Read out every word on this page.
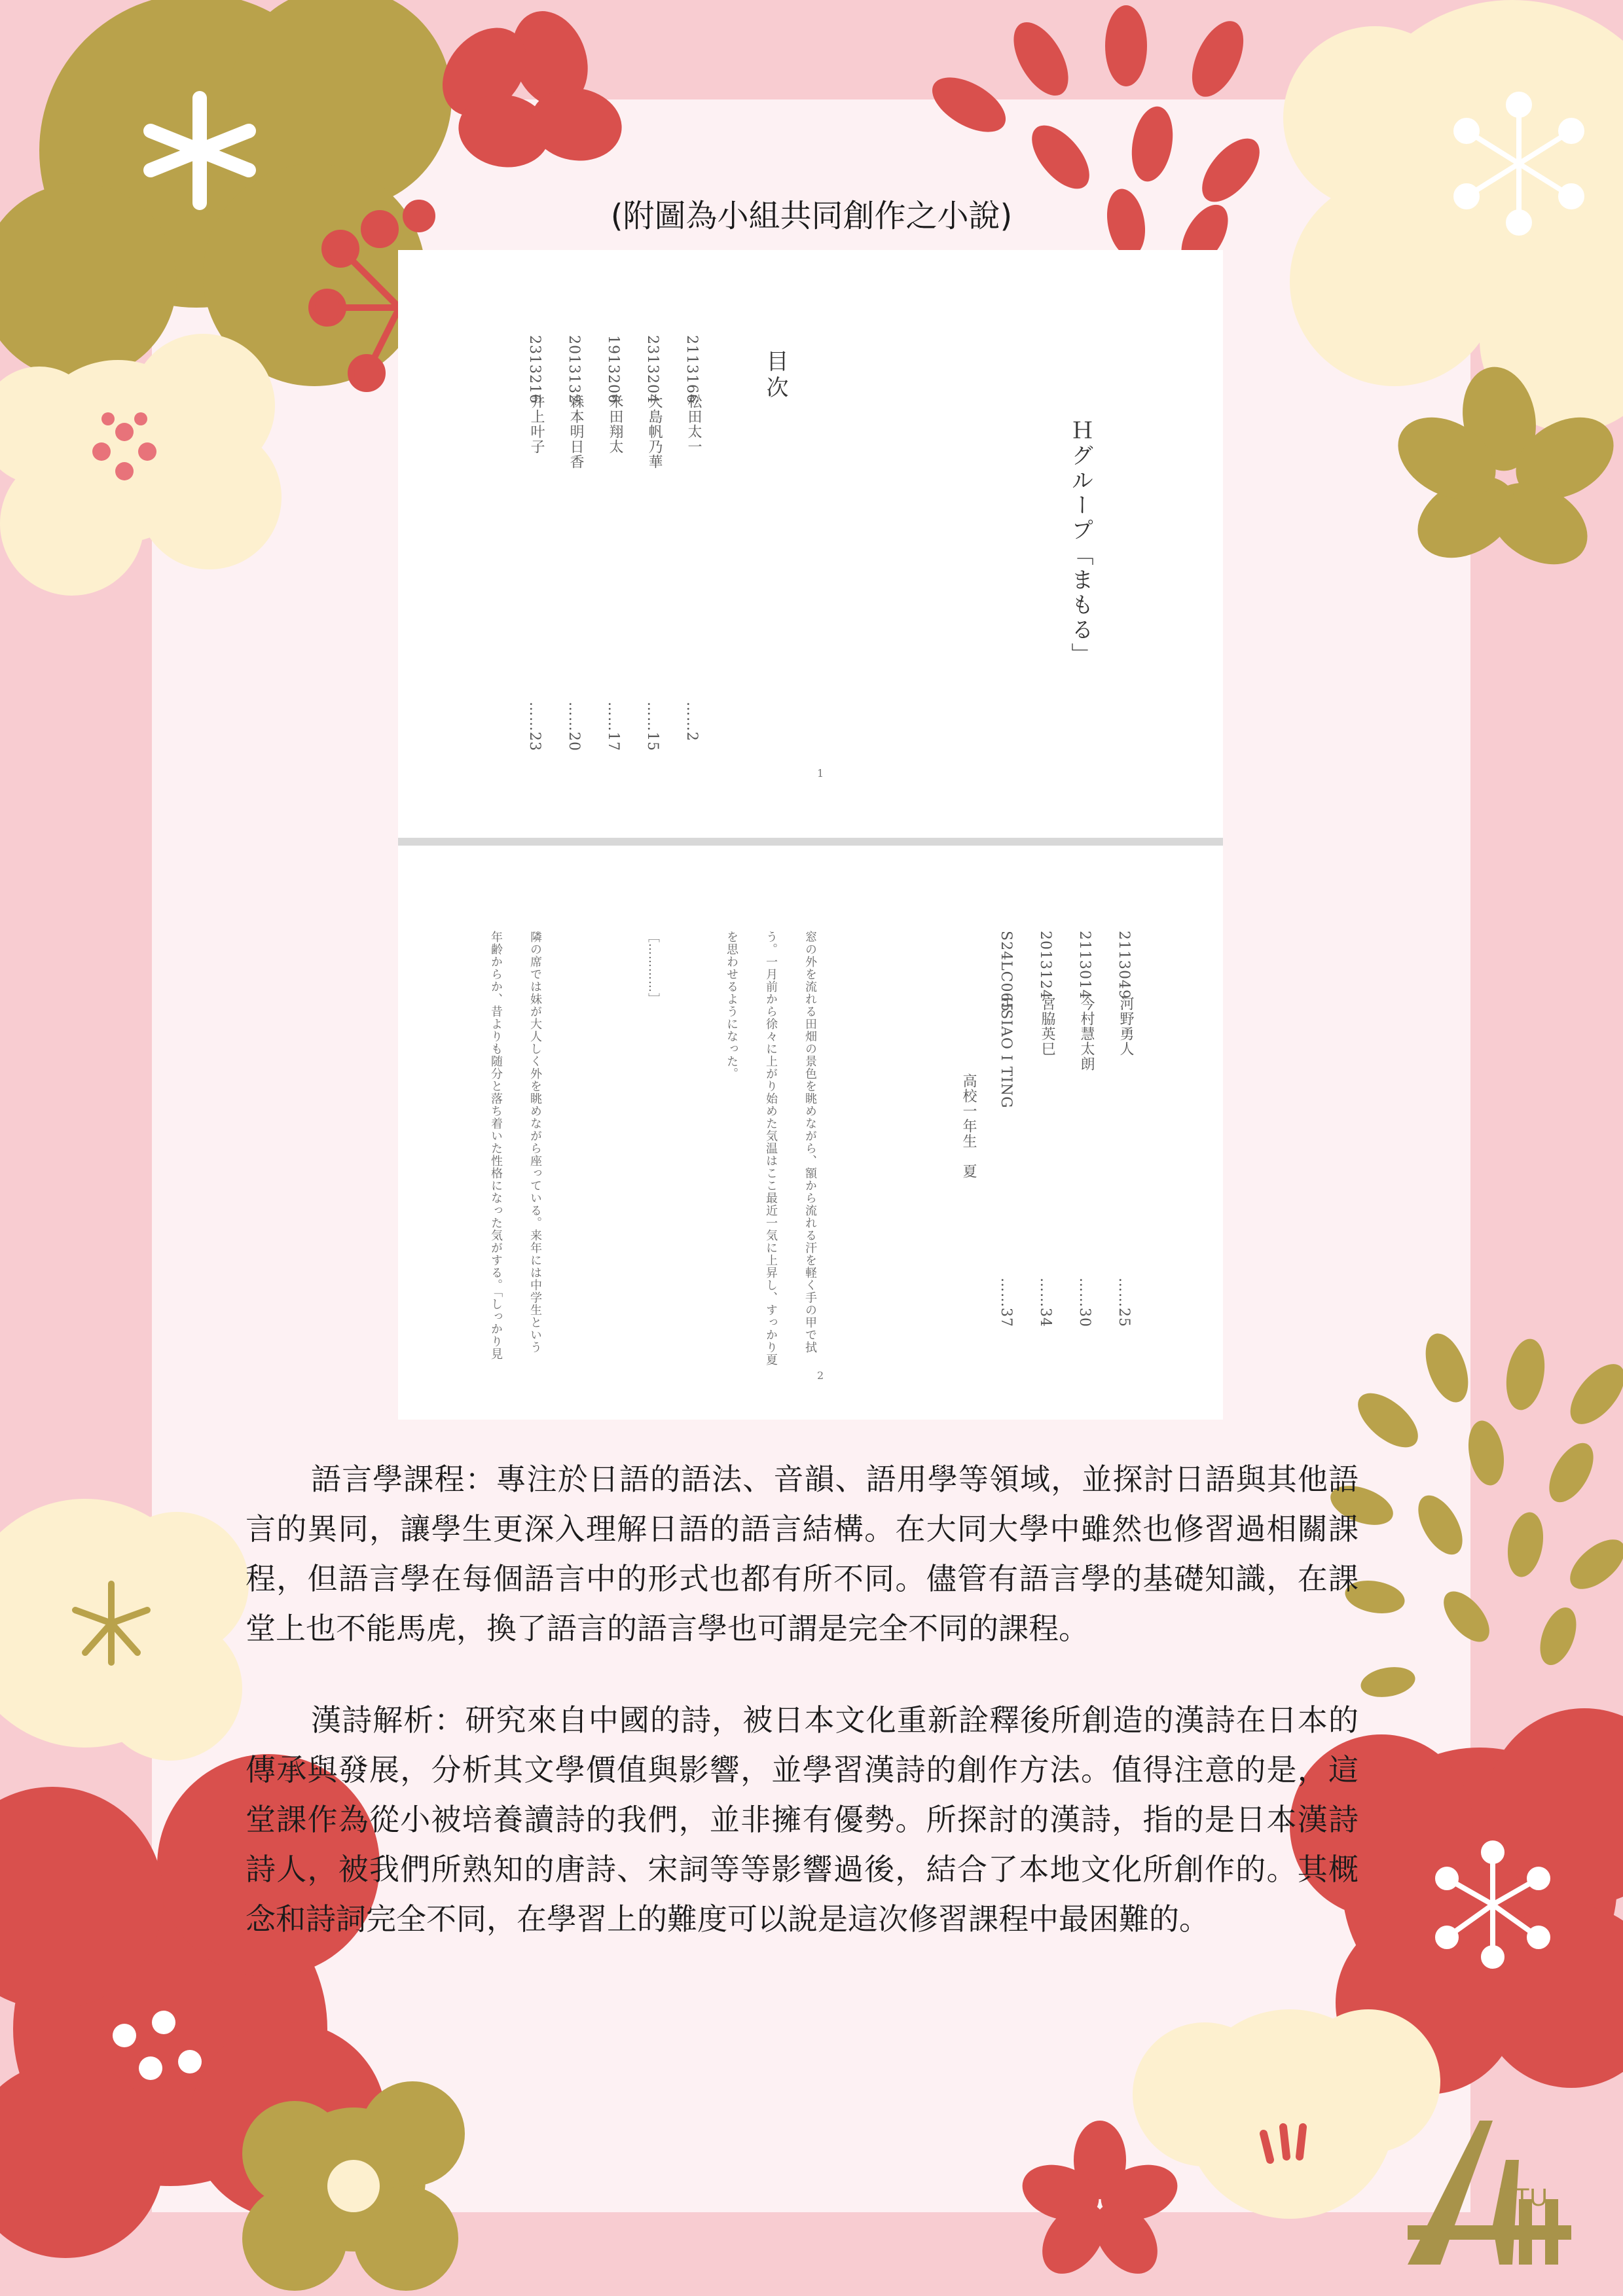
TTU
(附圖為小組共同創作之小說)
Ｈグループ「まもる」
目次
2113166
松田太一
……2
2313204
大島帆乃華
……15
1913206
米田翔太
……17
2013132
森本明日香
……20
2313216
井上叶子
……23
1
2113049
河野勇人
……25
2113014
今村慧太朗
……30
2013124
宮脇英巳
……34
S24LC065
HSIAO I TING
……37
高校一年生　夏
窓の外を流れる田畑の景色を眺めながら、額から流れる汗を軽く手の甲で拭
う。一月前から徐々に上がり始めた気温はここ最近一気に上昇し、すっかり夏
を思わせるようになった。
［…………］
隣の席では妹が大人しく外を眺めながら座っている。来年には中学生という
年齢からか、昔よりも随分と落ち着いた性格になった気がする。「しっかり見
2

語言學課程：專注於日語的語法、音韻、語用學等領域，並探討日語與其他語言的異同，讓學生更深入理解日語的語言結構。在大同大學中雖然也修習過相關課程，但語言學在每個語言中的形式也都有所不同。儘管有語言學的基礎知識，在課堂上也不能馬虎，換了語言的語言學也可謂是完全不同的課程。

漢詩解析：研究來自中國的詩，被日本文化重新詮釋後所創造的漢詩在日本的傳承與發展，分析其文學價值與影響，並學習漢詩的創作方法。值得注意的是，這堂課作為從小被培養讀詩的我們，並非擁有優勢。所探討的漢詩，指的是日本漢詩詩人，被我們所熟知的唐詩、宋詞等等影響過後，結合了本地文化所創作的。其概念和詩詞完全不同，在學習上的難度可以說是這次修習課程中最困難的。
